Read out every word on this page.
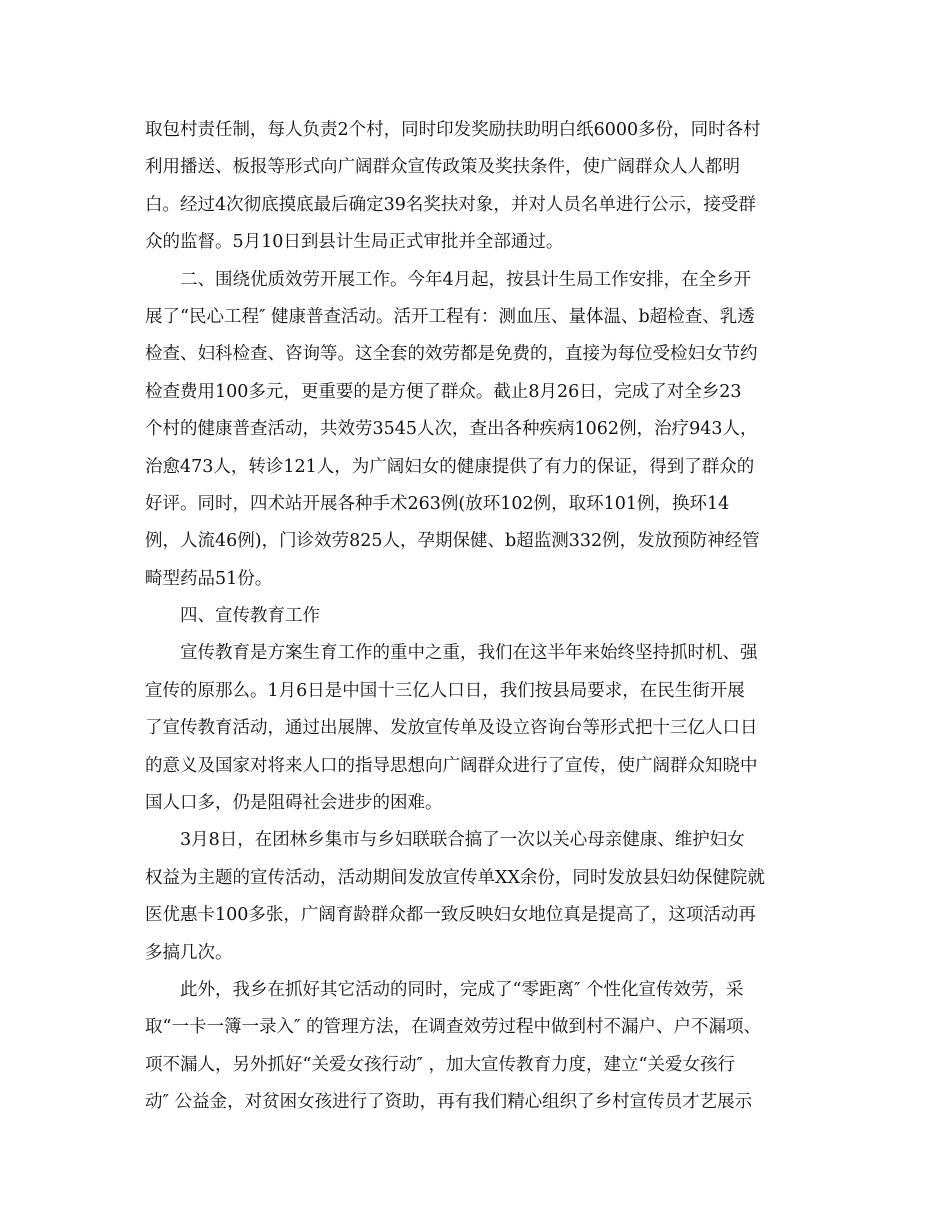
取包村责任制，每人负责2个村，同时印发奖励扶助明白纸6000多份，同时各村
利用播送、板报等形式向广阔群众宣传政策及奖扶条件，使广阔群众人人都明
白。经过4次彻底摸底最后确定39名奖扶对象，并对人员名单进行公示，接受群
众的监督。5月10日到县计生局正式审批并全部通过。
二、围绕优质效劳开展工作。今年4月起，按县计生局工作安排，在全乡开
展了“民心工程″ 健康普查活动。活开工程有：测血压、量体温、b超检查、乳透
检查、妇科检查、咨询等。这全套的效劳都是免费的，直接为每位受检妇女节约
检查费用100多元，更重要的是方便了群众。截止8月26日，完成了对全乡23
个村的健康普查活动，共效劳3545人次，查出各种疾病1062例，治疗943人，
治愈473人，转诊121人，为广阔妇女的健康提供了有力的保证，得到了群众的
好评。同时，四术站开展各种手术263例(放环102例，取环101例，换环14
例，人流46例)，门诊效劳825人，孕期保健、b超监测332例，发放预防神经管
畸型药品51份。
四、宣传教育工作
宣传教育是方案生育工作的重中之重，我们在这半年来始终坚持抓时机、强
宣传的原那么。1月6日是中国十三亿人口日，我们按县局要求，在民生街开展
了宣传教育活动，通过出展牌、发放宣传单及设立咨询台等形式把十三亿人口日
的意义及国家对将来人口的指导思想向广阔群众进行了宣传，使广阔群众知晓中
国人口多，仍是阻碍社会进步的困难。
3月8日，在团林乡集市与乡妇联联合搞了一次以关心母亲健康、维护妇女
权益为主题的宣传活动，活动期间发放宣传单XX余份，同时发放县妇幼保健院就
医优惠卡100多张，广阔育龄群众都一致反映妇女地位真是提高了，这项活动再
多搞几次。
此外，我乡在抓好其它活动的同时，完成了“零距离″ 个性化宣传效劳，采
取“一卡一簿一录入″ 的管理方法，在调查效劳过程中做到村不漏户、户不漏项、
项不漏人，另外抓好“关爱女孩行动″ ，加大宣传教育力度，建立“关爱女孩行
动″ 公益金，对贫困女孩进行了资助，再有我们精心组织了乡村宣传员才艺展示
